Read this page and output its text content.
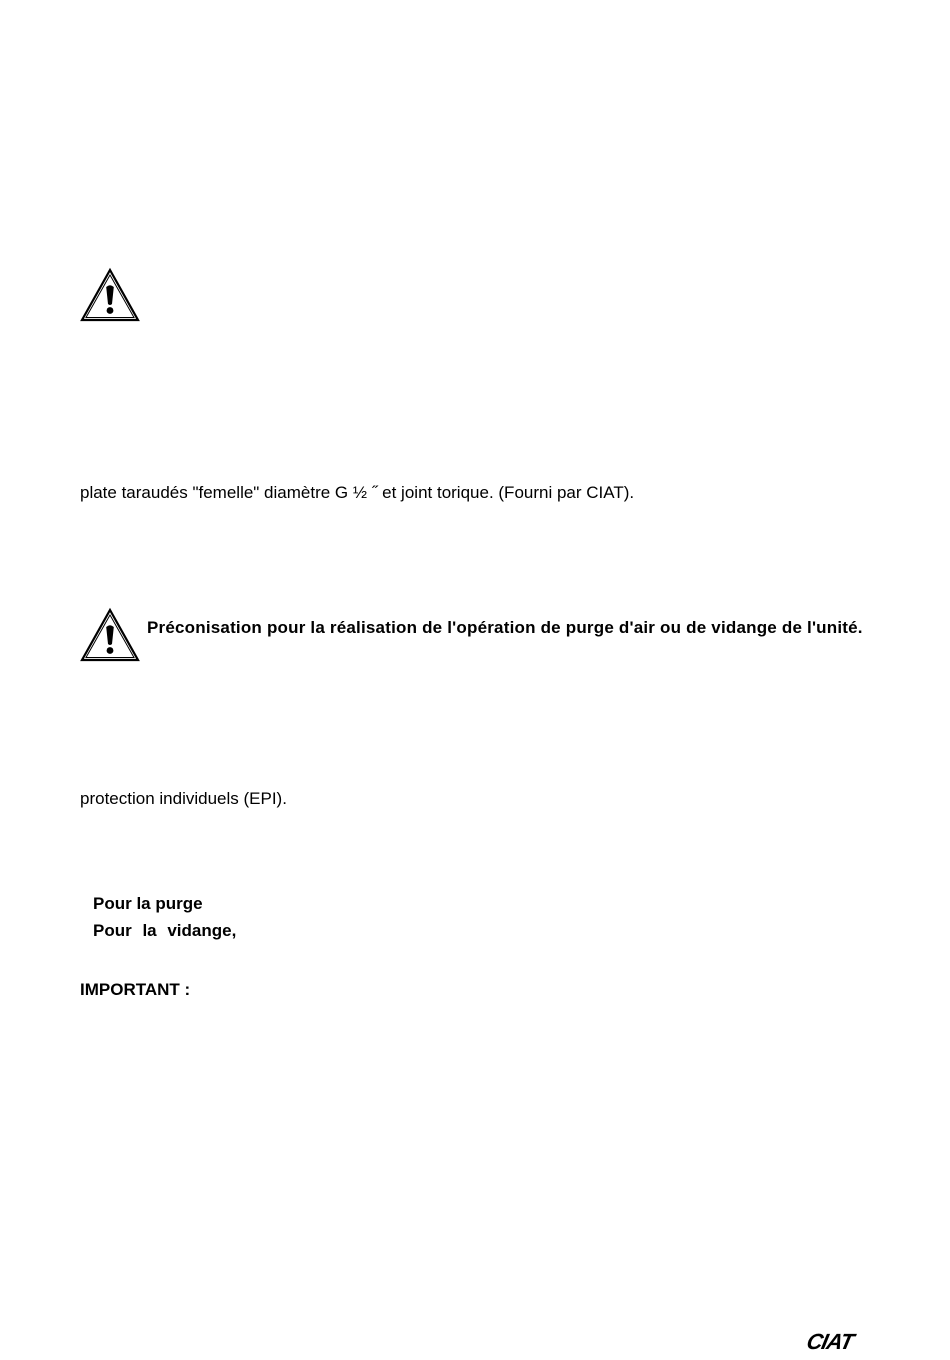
plate taraudés "femelle" diamètre G ½ ˝ et joint torique. (Fourni par CIAT).
Préconisation pour la réalisation de l'opération de purge d'air ou de vidange de l'unité.
protection individuels (EPI).
Pour la purge
Pour la vidange,
IMPORTANT :
CIAT
